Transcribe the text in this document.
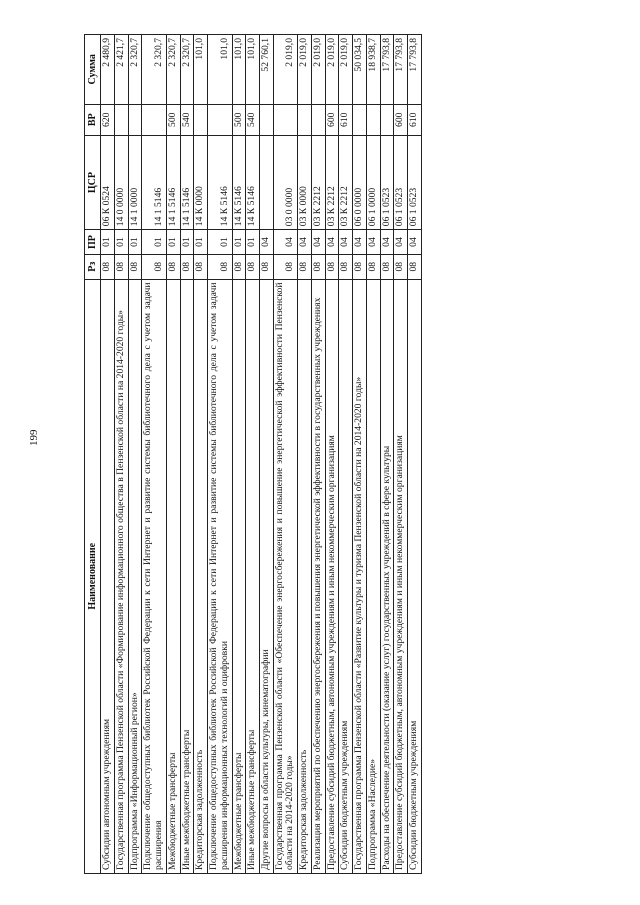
199
Наименование	Рз	ПР	ЦСР	ВР	Сумма
Субсидии автономным учреждениям	08	01	06 К 0524	620	2 480,9
Государственная программа Пензенской области «Формирование информационного общества в Пензенской области на 2014-2020 годы»	08	01	14 0 0000		2 421,7
Подпрограмма «Информационный регион»	08	01	14 1 0000		2 320,7
Подключение общедоступных библиотек Российской Федерации к сети Интернет и развитие системы библиотечного дела с учетом задачи расширения	08	01	14 1 5146		2 320,7
Межбюджетные трансферты	08	01	14 1 5146	500	2 320,7
Иные межбюджетные трансферты	08	01	14 1 5146	540	2 320,7
Кредиторская задолженность	08	01	14 К 0000		101,0
Подключение общедоступных библиотек Российской Федерации к сети Интернет и развитие системы библиотечного дела с учетом задачи расширения информационных технологий и оцифровки	08	01	14 К 5146		101,0
Межбюджетные трансферты	08	01	14 К 5146	500	101,0
Иные межбюджетные трансферты	08	01	14 К 5146	540	101,0
Другие вопросы в области культуры, кинематографии	08	04			52 760,1
Государственная программа Пензенской области «Обеспечение энергосбережения и повышение энергетической эффективности Пензенской области на 2014-2020 годы»	08	04	03 0 0000		2 019,0
Кредиторская задолженность	08	04	03 К 0000		2 019,0
Реализация мероприятий по обеспечению энергосбережения и повышения энергетической эффективности в государственных учреждениях	08	04	03 К 2212		2 019,0
Предоставление субсидий бюджетным, автономным учреждениям и иным некоммерческим организациям	08	04	03 К 2212	600	2 019,0
Субсидии бюджетным учреждениям	08	04	03 К 2212	610	2 019,0
Государственная программа Пензенской области «Развитие культуры и туризма Пензенской области на 2014-2020 годы»	08	04	06 0 0000		50 034,5
Подпрограмма «Наследие»	08	04	06 1 0000		18 938,7
Расходы на обеспечение деятельности (оказание услуг) государственных учреждений в сфере культуры	08	04	06 1 0523		17 793,8
Предоставление субсидий бюджетным, автономным учреждениям и иным некоммерческим организациям	08	04	06 1 0523	600	17 793,8
Субсидии бюджетным учреждениям	08	04	06 1 0523	610	17 793,8
